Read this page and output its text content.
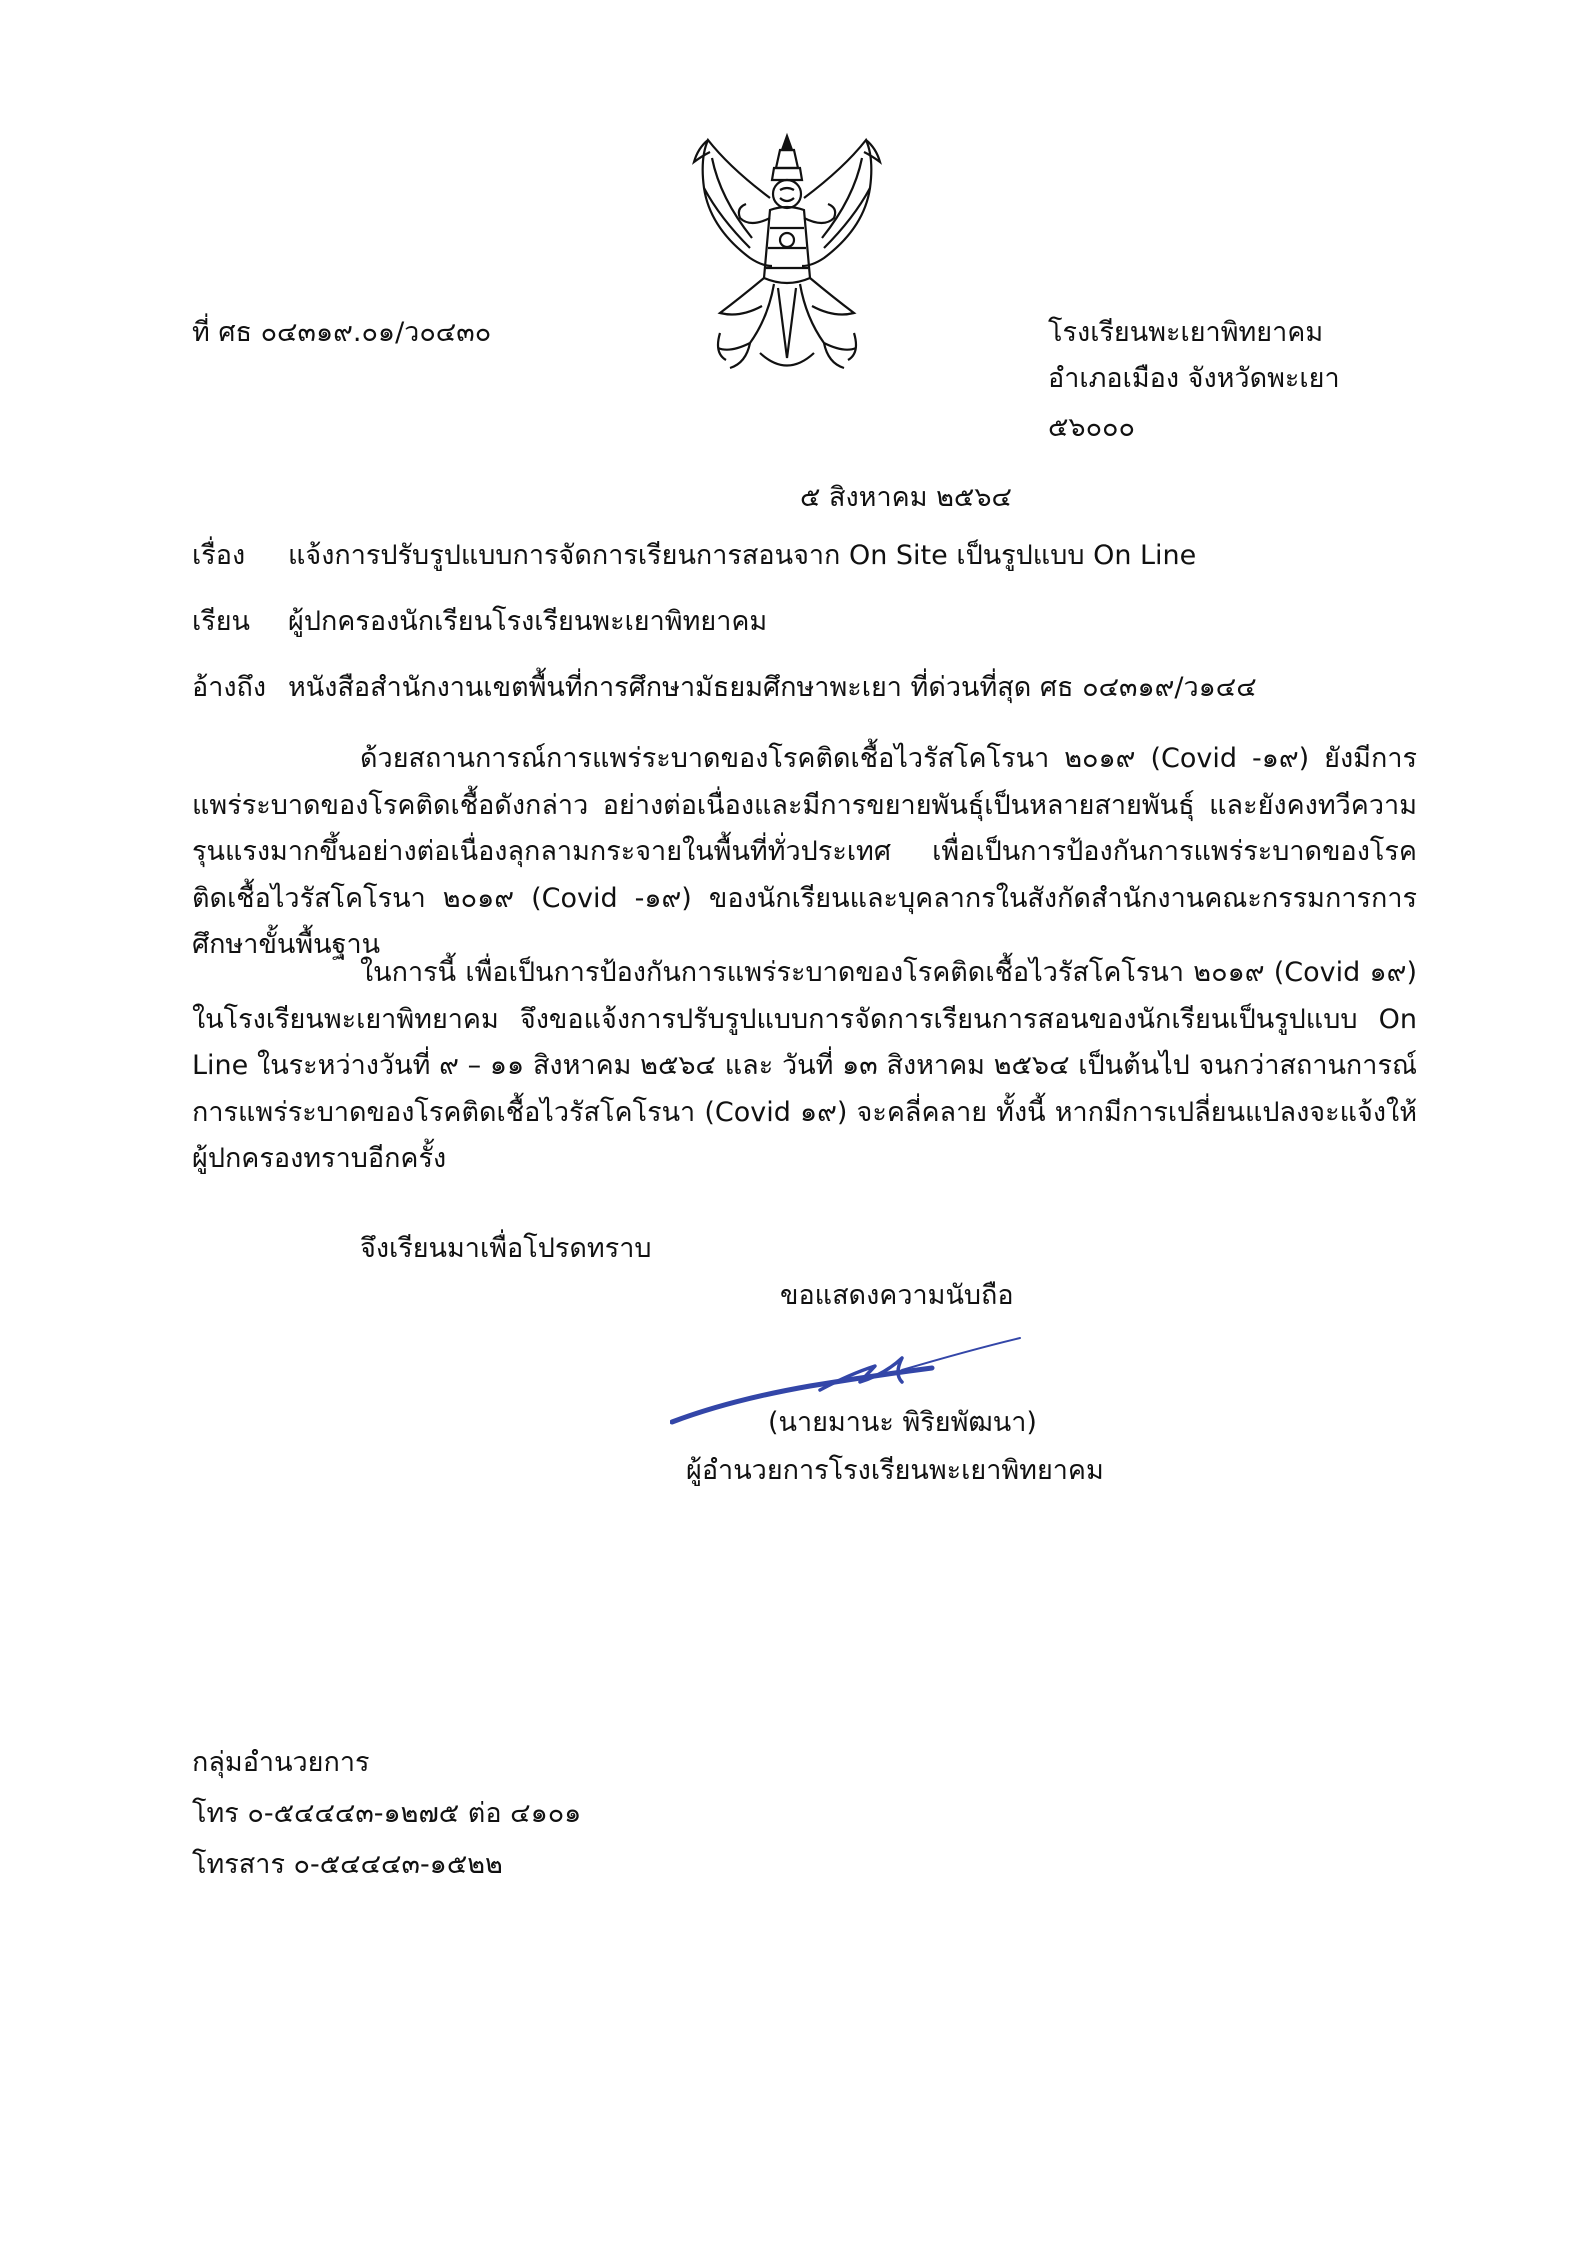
ที่ ศธ ๐๔๓๑๙.๐๑/ว๐๔๓๐	โรงเรียนพะเยาพิทยาคม
อำเภอเมือง จังหวัดพะเยา
๕๖๐๐๐
๕ สิงหาคม ๒๕๖๔
เรื่อง แจ้งการปรับรูปแบบการจัดการเรียนการสอนจาก On Site เป็นรูปแบบ On Line
เรียน ผู้ปกครองนักเรียนโรงเรียนพะเยาพิทยาคม
อ้างถึง หนังสือสำนักงานเขตพื้นที่การศึกษามัธยมศึกษาพะเยา ที่ด่วนที่สุด ศธ ๐๔๓๑๙/ว๑๔๔
ด้วยสถานการณ์การแพร่ระบาดของโรคติดเชื้อไวรัสโคโรนา ๒๐๑๙ (Covid -๑๙) ยังมีการแพร่ระบาดของโรคติดเชื้อดังกล่าว อย่างต่อเนื่องและมีการขยายพันธุ์เป็นหลายสายพันธุ์ และยังคงทวีความรุนแรงมากขึ้นอย่างต่อเนื่องลุกลามกระจายในพื้นที่ทั่วประเทศ เพื่อเป็นการป้องกันการแพร่ระบาดของโรคติดเชื้อไวรัสโคโรนา ๒๐๑๙ (Covid -๑๙) ของนักเรียนและบุคลากรในสังกัดสำนักงานคณะกรรมการการศึกษาขั้นพื้นฐาน
ในการนี้ เพื่อเป็นการป้องกันการแพร่ระบาดของโรคติดเชื้อไวรัสโคโรนา ๒๐๑๙ (Covid ๑๙) ในโรงเรียนพะเยาพิทยาคม จึงขอแจ้งการปรับรูปแบบการจัดการเรียนการสอนของนักเรียนเป็นรูปแบบ On Line ในระหว่างวันที่ ๙ – ๑๑ สิงหาคม ๒๕๖๔ และ วันที่ ๑๓ สิงหาคม ๒๕๖๔ เป็นต้นไป จนกว่าสถานการณ์การแพร่ระบาดของโรคติดเชื้อไวรัสโคโรนา (Covid ๑๙) จะคลี่คลาย ทั้งนี้ หากมีการเปลี่ยนแปลงจะแจ้งให้ผู้ปกครองทราบอีกครั้ง
จึงเรียนมาเพื่อโปรดทราบ
ขอแสดงความนับถือ
(นายมานะ พิริยพัฒนา)
ผู้อำนวยการโรงเรียนพะเยาพิทยาคม
กลุ่มอำนวยการ
โทร ๐-๕๔๔๔๓-๑๒๗๕ ต่อ ๔๑๐๑
โทรสาร ๐-๕๔๔๔๓-๑๕๒๒
